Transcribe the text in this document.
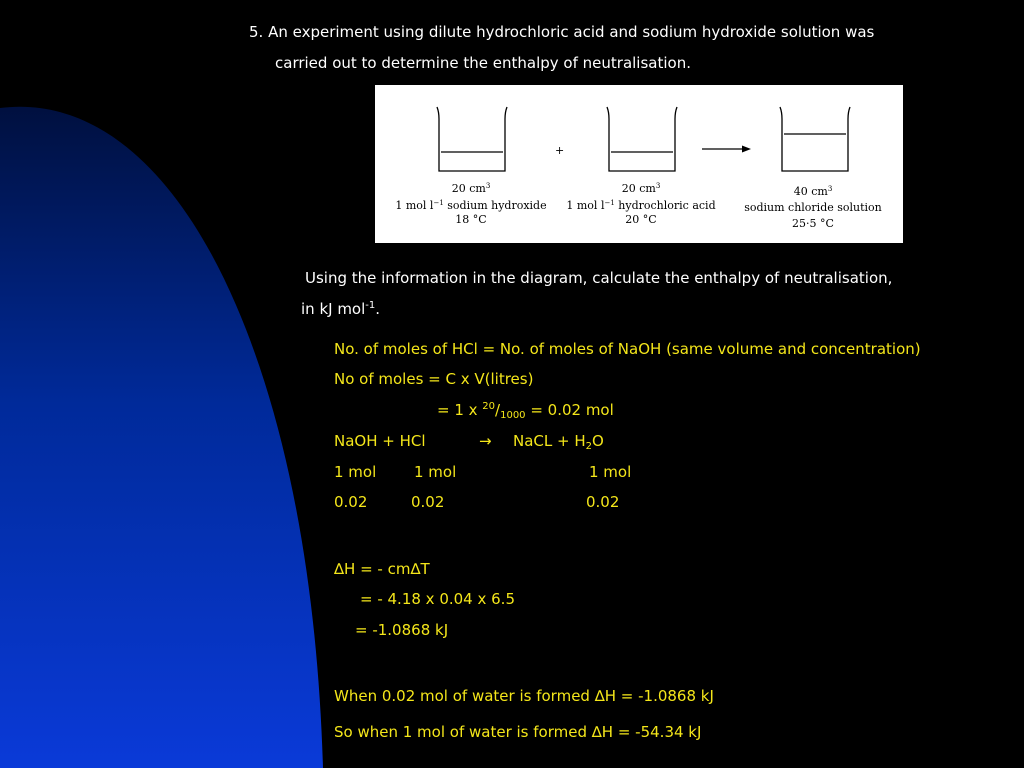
5. An experiment using dilute hydrochloric acid and sodium hydroxide solution was
carried out to determine the enthalpy of neutralisation.
+
20 $cm^3$
1 mol $l^{-1}$ sodium hydroxide
18 °C
20 $cm^3$
1 mol $l^{-1}$ hydrochloric acid
20 °C
40 $cm^3$
sodium chloride solution
25·5 °C
Using the information in the diagram, calculate the enthalpy of neutralisation,
in kJ mol$^{-1}$.
No. of moles of HCl = No. of moles of NaOH (same volume and concentration)
No of moles = C x V(litres)
= 1 x $^{20}/_{1000} = 0.02$ mol
NaOH + HCl	→ NaCL + $H_2O$
1 mol	1 mol	1 mol
0.02	0.02	0.02
∆H = - cm∆T
= - 4.18 x 0.04 x 6.5
= -1.0868 kJ
When 0.02 mol of water is formed ∆H = -1.0868 kJ
So when 1 mol of water is formed ∆H = -54.34 kJ
